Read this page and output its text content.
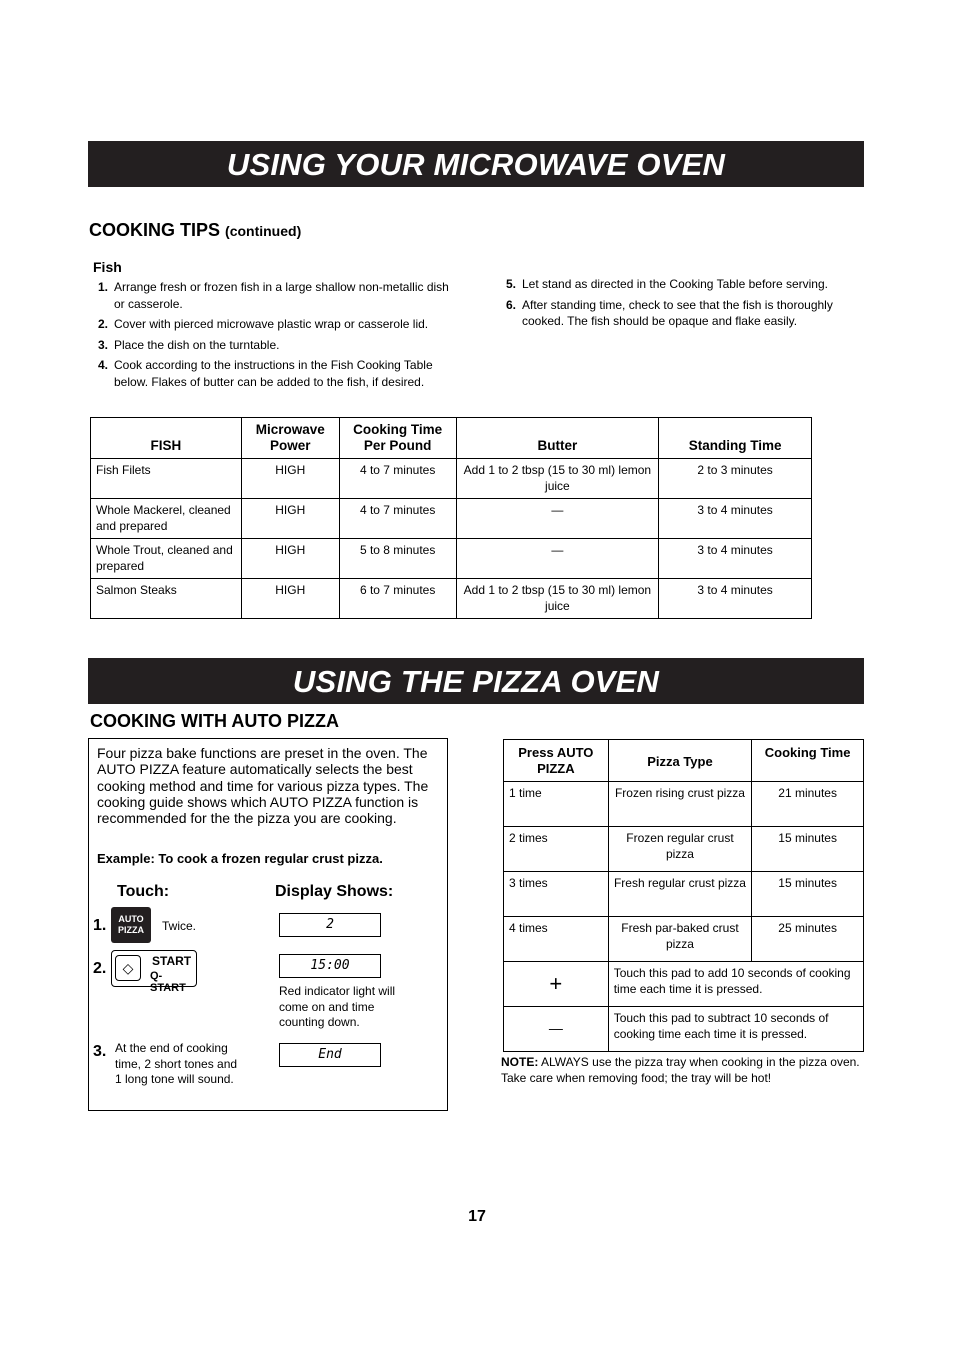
USING YOUR MICROWAVE OVEN
COOKING TIPS (continued)
Fish
1. Arrange fresh or frozen fish in a large shallow non-metallic dish or casserole.
2. Cover with pierced microwave plastic wrap or casserole lid.
3. Place the dish on the turntable.
4. Cook according to the instructions in the Fish Cooking Table below. Flakes of butter can be added to the fish, if desired.
5. Let stand as directed in the Cooking Table before serving.
6. After standing time, check to see that the fish is thoroughly cooked. The fish should be opaque and flake easily.
FISH	Microwave Power	Cooking Time Per Pound	Butter	Standing Time
Fish Filets	HIGH	4 to 7 minutes	Add 1 to 2 tbsp (15 to 30 ml) lemon juice	2 to 3 minutes
Whole Mackerel, cleaned and prepared	HIGH	4 to 7 minutes	—	3 to 4 minutes
Whole Trout, cleaned and prepared	HIGH	5 to 8 minutes	—	3 to 4 minutes
Salmon Steaks	HIGH	6 to 7 minutes	Add 1 to 2 tbsp (15 to 30 ml) lemon juice	3 to 4 minutes
USING THE PIZZA OVEN
COOKING WITH AUTO PIZZA
Four pizza bake functions are preset in the oven. The AUTO PIZZA feature automatically selects the best cooking method and time for various pizza types. The cooking guide shows which AUTO PIZZA function is recommended for the the pizza you are cooking.
Example: To cook a frozen regular crust pizza.
Touch:	Display Shows:
1.	AUTO
PIZZA	Twice.	2
2.	◇	START
Q-START
15:00
Red indicator light will come on and time counting down.
3. At the end of cooking time, 2 short tones and 1 long tone will sound.
End
Press AUTO PIZZA	Pizza Type	Cooking Time
1 time	Frozen rising crust pizza	21 minutes
2 times	Frozen regular crust pizza	15 minutes
3 times	Fresh regular crust pizza	15 minutes
4 times	Fresh par-baked crust pizza	25 minutes
+	Touch this pad to add 10 seconds of cooking time each time it is pressed.	
—	Touch this pad to subtract 10 seconds of cooking time each time it is pressed.	
NOTE: ALWAYS use the pizza tray when cooking in the pizza oven. Take care when removing food; the tray will be hot!
17
